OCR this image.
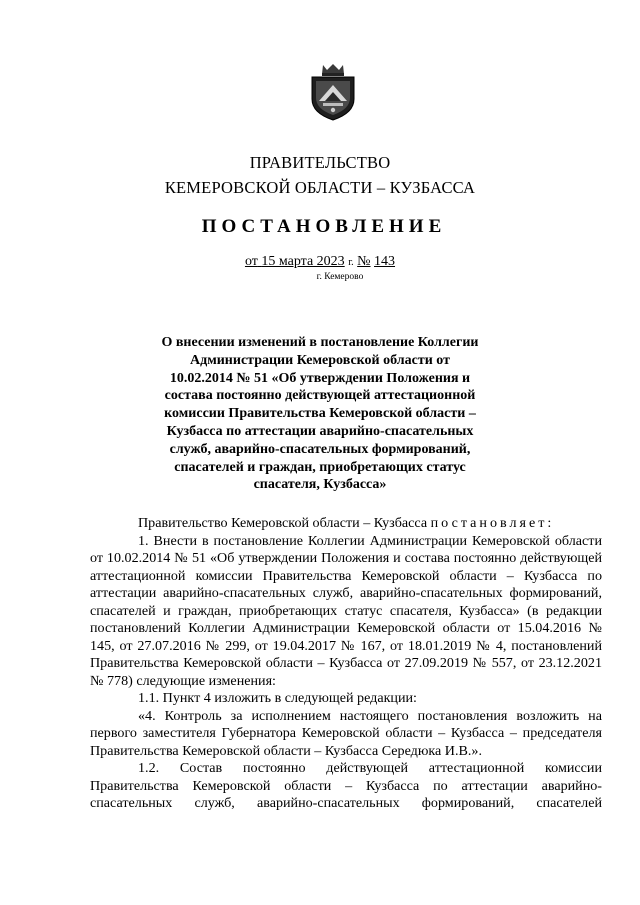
ПРАВИТЕЛЬСТВО
КЕМЕРОВСКОЙ ОБЛАСТИ – КУЗБАССА
ПОСТАНОВЛЕНИЕ
от 15 марта 2023 г. № 143
г. Кемерово
О внесении изменений в постановление Коллегии Администрации Кемеровской области от 10.02.2014 № 51 «Об утверждении Положения и состава постоянно действующей аттестационной комиссии Правительства Кемеровской области – Кузбасса по аттестации аварийно-спасательных служб, аварийно-спасательных формирований, спасателей и граждан, приобретающих статус спасателя, Кузбасса»

Правительство Кемеровской области – Кузбасса постановляет:

1. Внести в постановление Коллегии Администрации Кемеровской области от 10.02.2014 № 51 «Об утверждении Положения и состава постоянно действующей аттестационной комиссии Правительства Кемеровской области – Кузбасса по аттестации аварийно-спасательных служб, аварийно-спасательных формирований, спасателей и граждан, приобретающих статус спасателя, Кузбасса» (в редакции постановлений Коллегии Администрации Кемеровской области от 15.04.2016 № 145, от 27.07.2016 № 299, от 19.04.2017 № 167, от 18.01.2019 № 4, постановлений Правительства Кемеровской области – Кузбасса от 27.09.2019 № 557, от 23.12.2021 № 778) следующие изменения:

1.1. Пункт 4 изложить в следующей редакции:

«4. Контроль за исполнением настоящего постановления возложить на первого заместителя Губернатора Кемеровской области – Кузбасса – председателя Правительства Кемеровской области – Кузбасса Середюка И.В.».

1.2. Состав постоянно действующей аттестационной комиссии Правительства Кемеровской области – Кузбасса по аттестации аварийно-спасательных служб, аварийно-спасательных формирований, спасателей
